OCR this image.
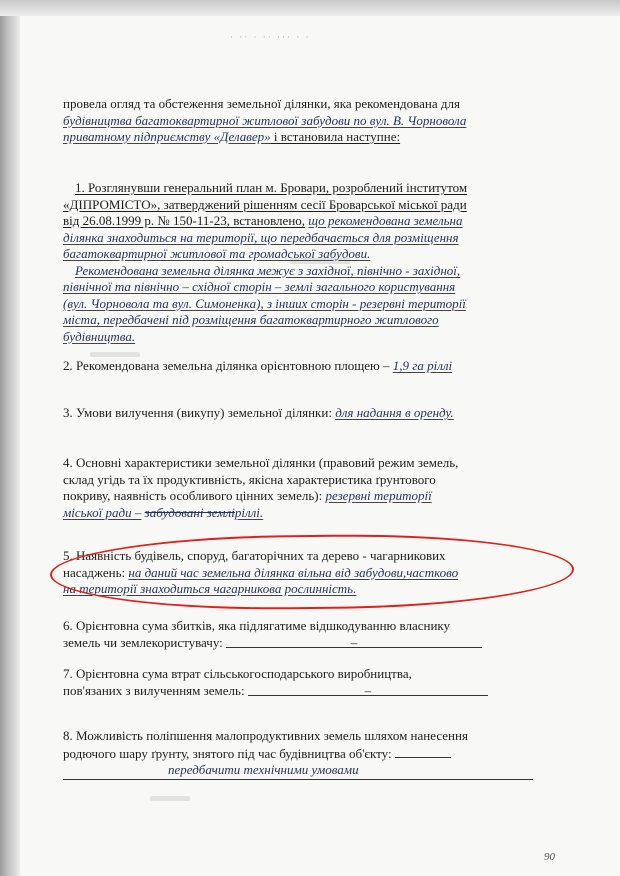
· ·· · ·· ··· · ·

провела огляд та обстеження земельної ділянки, яка рекомендована для

будівництва багатоквартирної житлової забудови по вул. В. Чорновола

приватному підприємству «Делавер» і встановила наступне:

1. Розглянувши генеральний план м. Бровари, розроблений інститутом

«ДІПРОМІСТО», затверджений рішенням сесії Броварської міської ради

від 26.08.1999 р. № 150-11-23, встановлено, що рекомендована земельна

ділянка знаходиться на території, що передбачається для розміщення

багатоквартирної житлової та громадської забудови.

Рекомендована земельна ділянка межує з західної, північно - західної,

північної та північно – східної сторін – землі загального користування

(вул. Чорновола та вул. Симоненка), з інших сторін - резервні території

міста, передбачені під розміщення багатоквартирного житлового

будівництва.

2. Рекомендована земельна ділянка орієнтовною площею – 1,9 га ріллі

3. Умови вилучення (викупу) земельної ділянки: для надання в оренду.

4. Основні характеристики земельної ділянки (правовий режим земель,

склад угідь та їх продуктивність, якісна характеристика ґрунтового

покриву, наявність особливого цінних земель): резервні території

міської ради – забудовані земліріллі.

5. Наявність будівель, споруд, багаторічних та дерево - чагарникових

насаджень: на даний час земельна ділянка вільна від забудови,частково

на території знаходиться чагарникова рослинність.

6. Орієнтовна сума збитків, яка підлягатиме відшкодуванню власнику

земель чи землекористувачу:	–

7. Орієнтовна сума втрат сільськогосподарського виробництва,

пов'язаних з вилученням земель:	–

8. Можливість поліпшення малопродуктивних земель шляхом нанесення

родючого шару ґрунту, знятого під час будівництва об'єкту:

передбачити технічними умовами

90
